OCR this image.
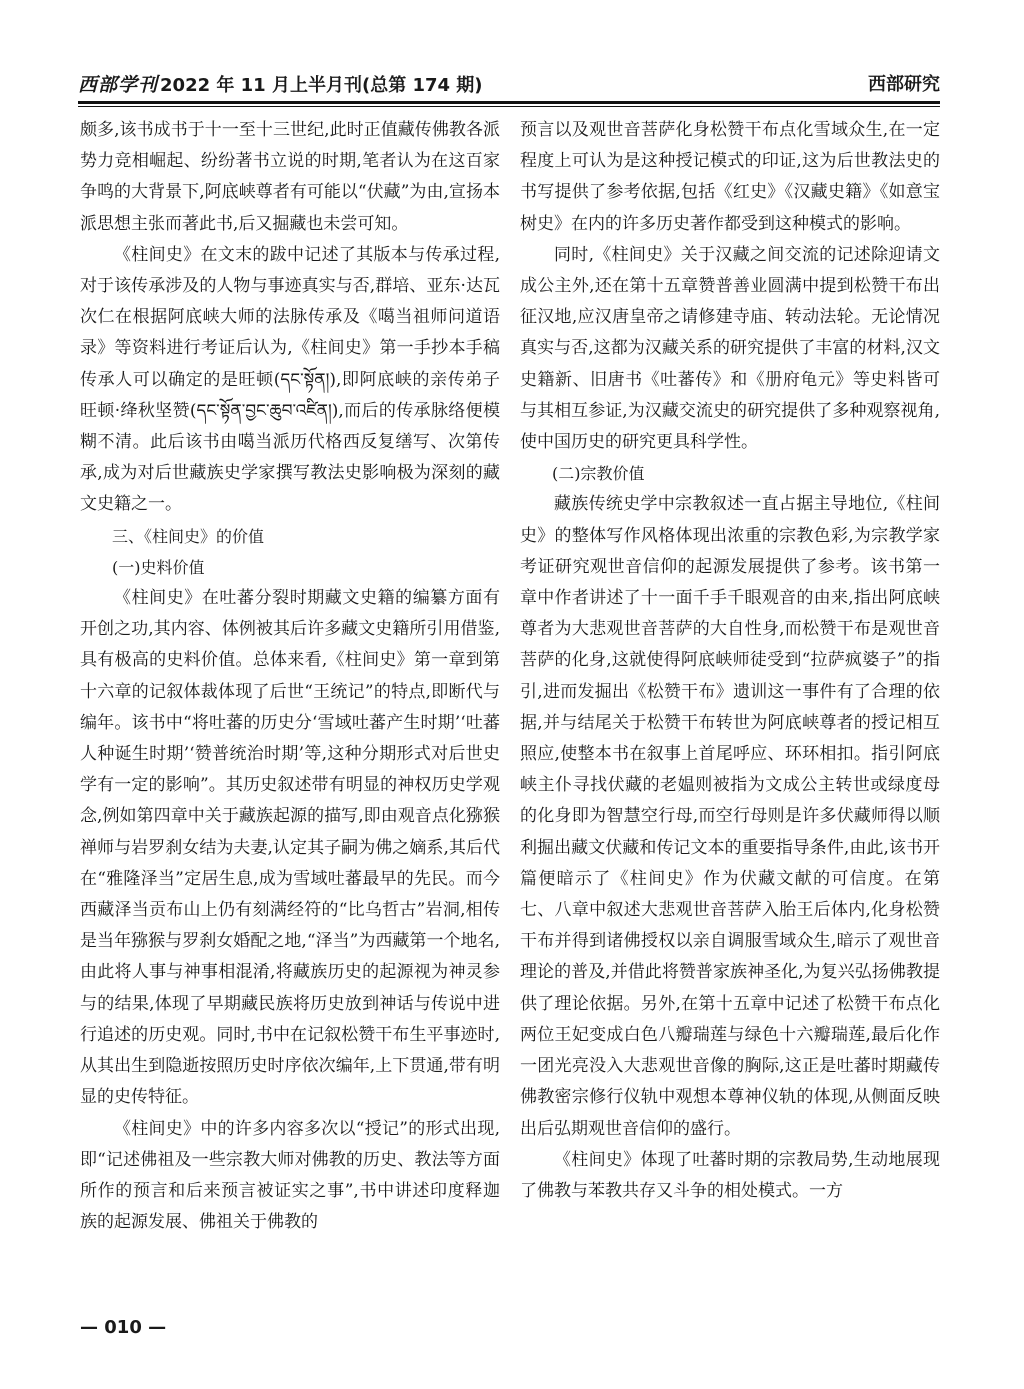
西部学刊 2022 年 11 月上半月刊(总第 174 期)	西部研究

颇多,该书成书于十一至十三世纪,此时正值藏传佛教各派势力竞相崛起、纷纷著书立说的时期,笔者认为在这百家争鸣的大背景下,阿底峡尊者有可能以“伏藏”为由,宣扬本派思想主张而著此书,后又掘藏也未尝可知。

《柱间史》在文末的跋中记述了其版本与传承过程,对于该传承涉及的人物与事迹真实与否,群培、亚东·达瓦次仁在根据阿底峡大师的法脉传承及《噶当祖师问道语录》等资料进行考证后认为,《柱间史》第一手抄本手稿传承人可以确定的是旺顿(དང་སྟོན།),即阿底峡的亲传弟子旺顿·绛秋坚赞(དང་སྟོན་བྱང་ཆུབ་འཛིན།),而后的传承脉络便模糊不清。此后该书由噶当派历代格西反复缮写、次第传承,成为对后世藏族史学家撰写教法史影响极为深刻的藏文史籍之一。

三、《柱间史》的价值

(一)史料价值

《柱间史》在吐蕃分裂时期藏文史籍的编纂方面有开创之功,其内容、体例被其后许多藏文史籍所引用借鉴,具有极高的史料价值。总体来看,《柱间史》第一章到第十六章的记叙体裁体现了后世“王统记”的特点,即断代与编年。该书中“将吐蕃的历史分‘雪域吐蕃产生时期’‘吐蕃人种诞生时期’‘赞普统治时期’等,这种分期形式对后世史学有一定的影响”。其历史叙述带有明显的神权历史学观念,例如第四章中关于藏族起源的描写,即由观音点化猕猴禅师与岩罗刹女结为夫妻,认定其子嗣为佛之嫡系,其后代在“雅隆泽当”定居生息,成为雪域吐蕃最早的先民。而今西藏泽当贡布山上仍有刻满经符的“比乌哲古”岩洞,相传是当年猕猴与罗刹女婚配之地,“泽当”为西藏第一个地名,由此将人事与神事相混淆,将藏族历史的起源视为神灵参与的结果,体现了早期藏民族将历史放到神话与传说中进行追述的历史观。同时,书中在记叙松赞干布生平事迹时,从其出生到隐逝按照历史时序依次编年,上下贯通,带有明显的史传特征。

《柱间史》中的许多内容多次以“授记”的形式出现,即“记述佛祖及一些宗教大师对佛教的历史、教法等方面所作的预言和后来预言被证实之事”,书中讲述印度释迦族的起源发展、佛祖关于佛教的

预言以及观世音菩萨化身松赞干布点化雪域众生,在一定程度上可认为是这种授记模式的印证,这为后世教法史的书写提供了参考依据,包括《红史》《汉藏史籍》《如意宝树史》在内的许多历史著作都受到这种模式的影响。

同时,《柱间史》关于汉藏之间交流的记述除迎请文成公主外,还在第十五章赞普善业圆满中提到松赞干布出征汉地,应汉唐皇帝之请修建寺庙、转动法轮。无论情况真实与否,这都为汉藏关系的研究提供了丰富的材料,汉文史籍新、旧唐书《吐蕃传》和《册府龟元》等史料皆可与其相互参证,为汉藏交流史的研究提供了多种观察视角,使中国历史的研究更具科学性。

(二)宗教价值

藏族传统史学中宗教叙述一直占据主导地位,《柱间史》的整体写作风格体现出浓重的宗教色彩,为宗教学家考证研究观世音信仰的起源发展提供了参考。该书第一章中作者讲述了十一面千手千眼观音的由来,指出阿底峡尊者为大悲观世音菩萨的大自性身,而松赞干布是观世音菩萨的化身,这就使得阿底峡师徒受到“拉萨疯婆子”的指引,进而发掘出《松赞干布》遗训这一事件有了合理的依据,并与结尾关于松赞干布转世为阿底峡尊者的授记相互照应,使整本书在叙事上首尾呼应、环环相扣。指引阿底峡主仆寻找伏藏的老媪则被指为文成公主转世或绿度母的化身即为智慧空行母,而空行母则是许多伏藏师得以顺利掘出藏文伏藏和传记文本的重要指导条件,由此,该书开篇便暗示了《柱间史》作为伏藏文献的可信度。在第七、八章中叙述大悲观世音菩萨入胎王后体内,化身松赞干布并得到诸佛授权以亲自调服雪域众生,暗示了观世音理论的普及,并借此将赞普家族神圣化,为复兴弘扬佛教提供了理论依据。另外,在第十五章中记述了松赞干布点化两位王妃变成白色八瓣瑞莲与绿色十六瓣瑞莲,最后化作一团光亮没入大悲观世音像的胸际,这正是吐蕃时期藏传佛教密宗修行仪轨中观想本尊神仪轨的体现,从侧面反映出后弘期观世音信仰的盛行。

《柱间史》体现了吐蕃时期的宗教局势,生动地展现了佛教与苯教共存又斗争的相处模式。一方

— 010 —
